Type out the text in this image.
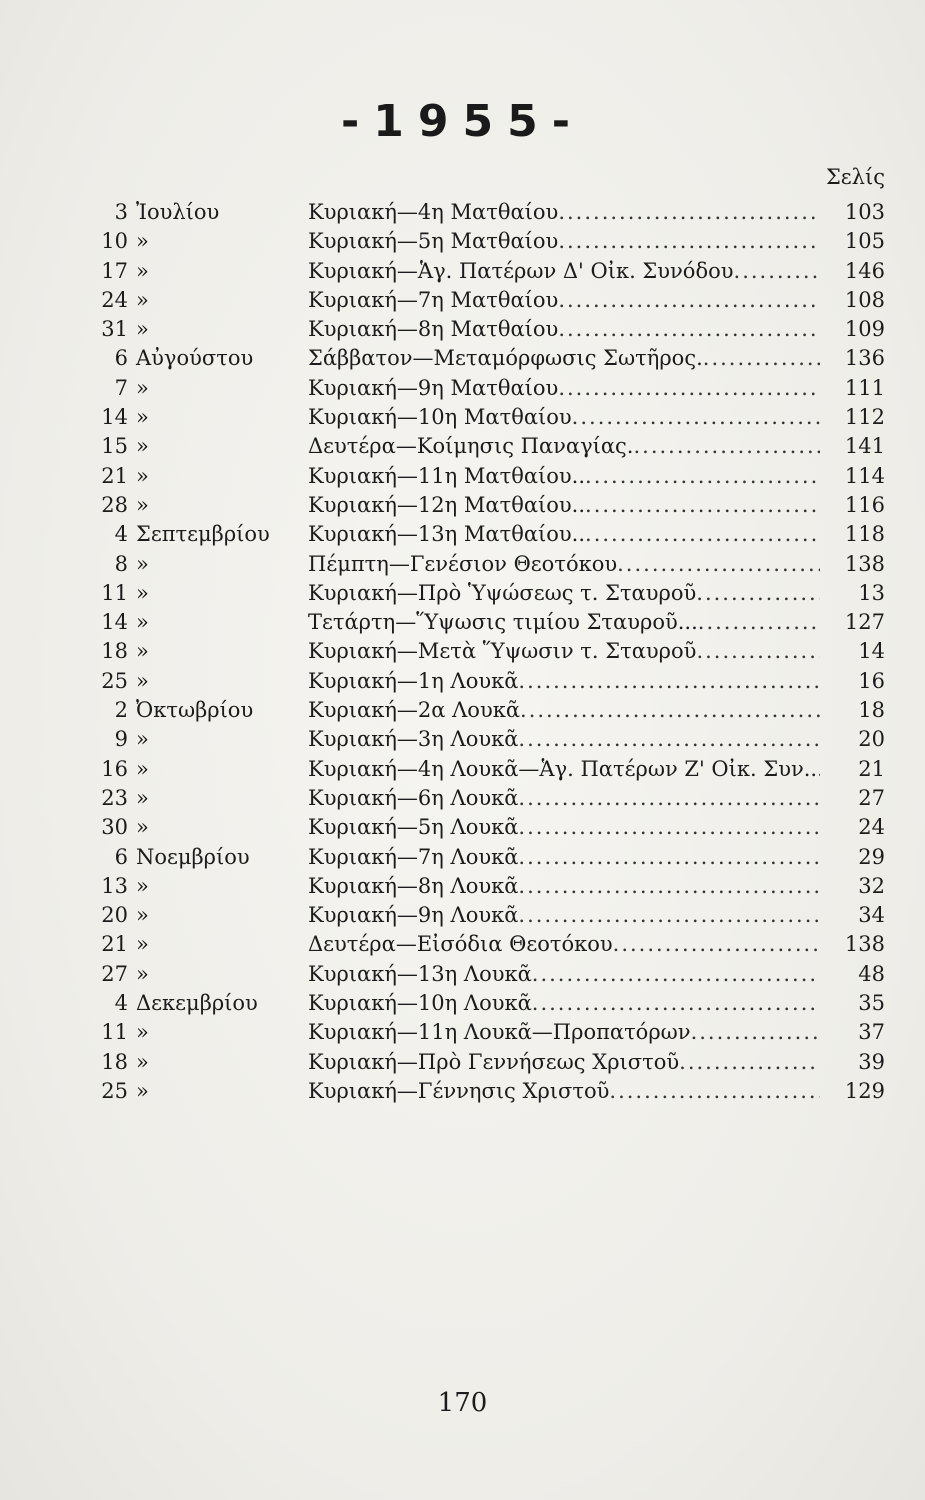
-1955-
Σελίς
3 Ἰουλίου	Κυριακή—4η Ματθαίου .....	103
10 »	Κυριακή—5η Ματθαίου .....	105
17 »	Κυριακή—Ἁγ. Πατέρων Δ' Οἰκ. Συνόδου .....	146
24 »	Κυριακή—7η Ματθαίου .....	108
31 »	Κυριακή—8η Ματθαίου .....	109
6 Αὐγούστου	Σάββατον—Μεταμόρφωσις Σωτῆρος. .....	136
7 »	Κυριακή—9η Ματθαίου .....	111
14 »	Κυριακή—10η Ματθαίου .....	112
15 »	Δευτέρα—Κοίμησις Παναγίας. .....	141
21 »	Κυριακή—11η Ματθαίου.. .....	114
28 »	Κυριακή—12η Ματθαίου.. .....	116
4 Σεπτεμβρίου	Κυριακή—13η Ματθαίου.. .....	118
8 »	Πέμπτη—Γενέσιον Θεοτόκου .....	138
11 »	Κυριακή—Πρὸ Ὑψώσεως τ. Σταυροῦ .....	13
14 »	Τετάρτη—Ὕψωσις τιμίου Σταυροῦ... .....	127
18 »	Κυριακή—Μετὰ Ὕψωσιν τ. Σταυροῦ .....	14
25 »	Κυριακή—1η Λουκᾶ .....	16
2 Ὀκτωβρίου	Κυριακή—2α Λουκᾶ .....	18
9 »	Κυριακή—3η Λουκᾶ .....	20
16 »	Κυριακή—4η Λουκᾶ—Ἁγ. Πατέρων Ζ' Οἰκ. Συν.. .....	21
23 »	Κυριακή—6η Λουκᾶ .....	27
30 »	Κυριακή—5η Λουκᾶ .....	24
6 Νοεμβρίου	Κυριακή—7η Λουκᾶ .....	29
13 »	Κυριακή—8η Λουκᾶ .....	32
20 »	Κυριακή—9η Λουκᾶ .....	34
21 »	Δευτέρα—Εἰσόδια Θεοτόκου .....	138
27 »	Κυριακή—13η Λουκᾶ .....	48
4 Δεκεμβρίου	Κυριακή—10η Λουκᾶ .....	35
11 »	Κυριακή—11η Λουκᾶ—Προπατόρων .....	37
18 »	Κυριακή—Πρὸ Γεννήσεως Χριστοῦ .....	39
25 »	Κυριακή—Γέννησις Χριστοῦ .....	129
170
